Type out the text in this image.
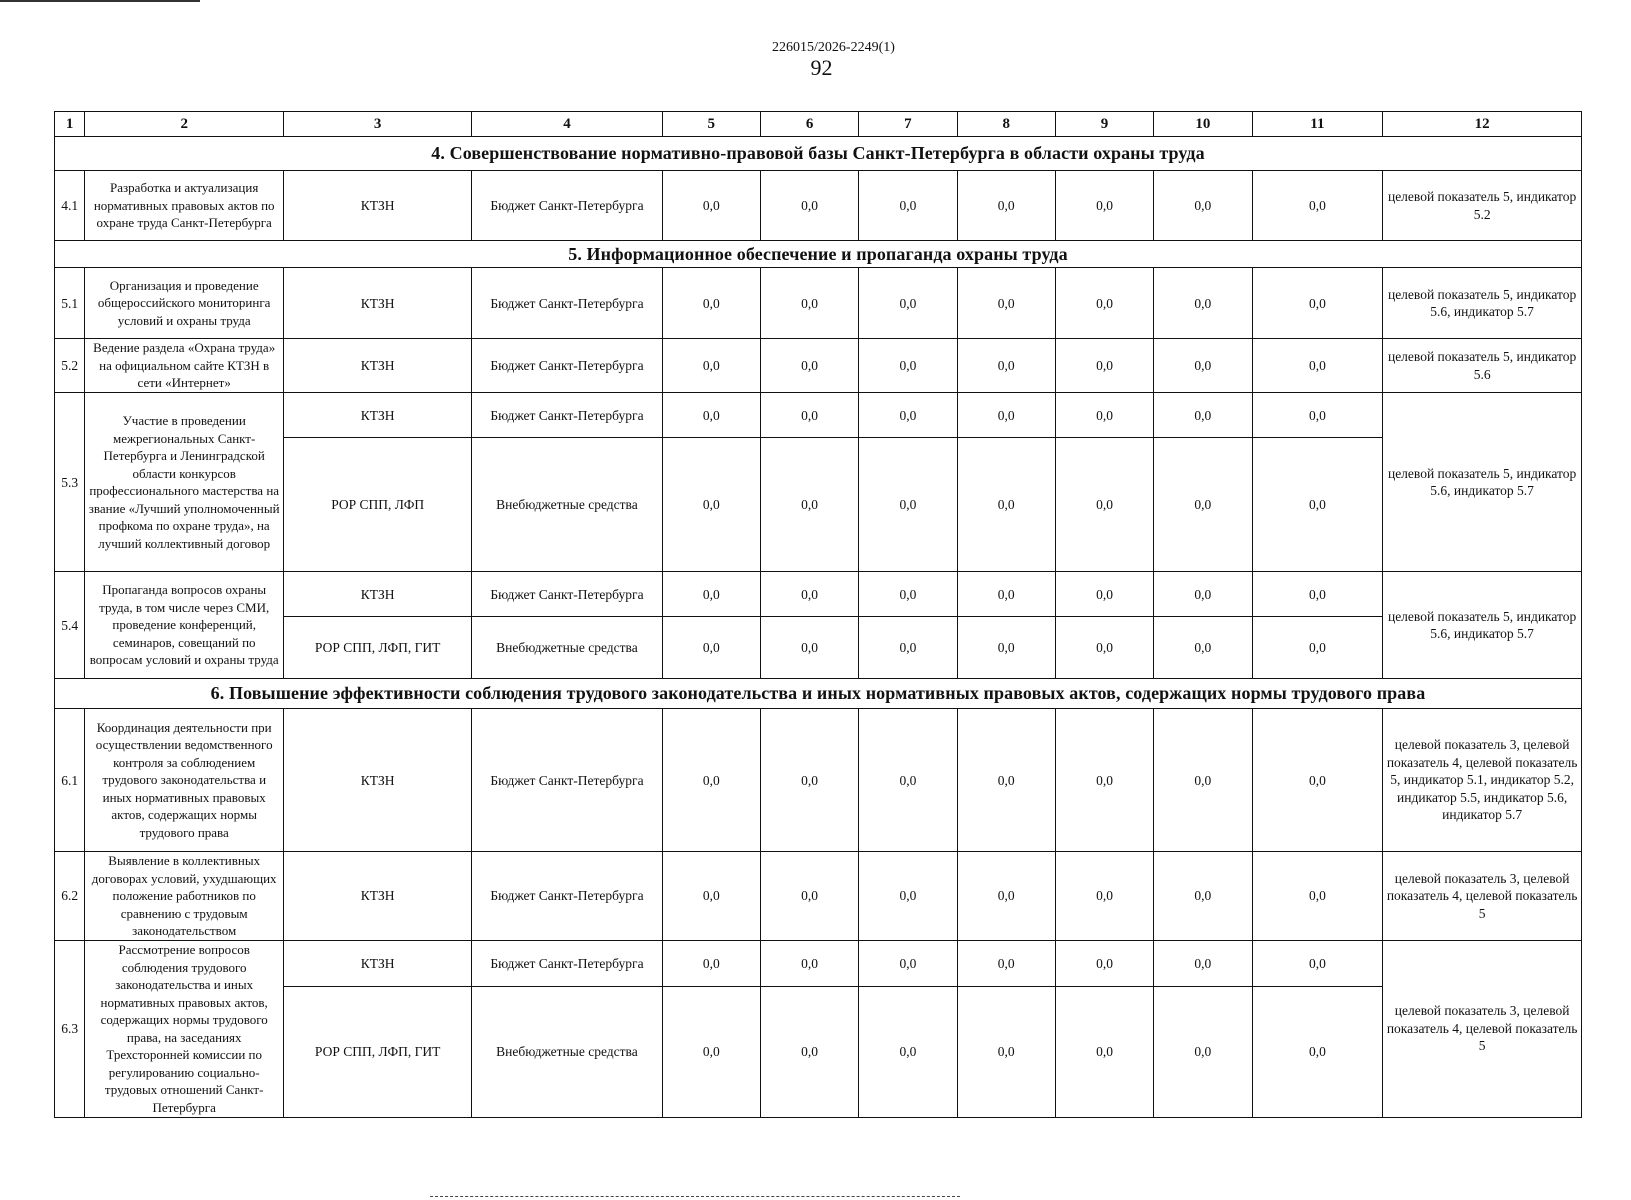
226015/2026-2249(1)
92
1	2	3	4	5	6	7	8	9	10	11	12
4. Совершенствование нормативно-правовой базы Санкт-Петербурга в области охраны труда											
4.1	Разработка и актуализация нормативных правовых актов по охране труда Санкт-Петербурга	КТЗН	Бюджет Санкт-Петербурга	0,0	0,0	0,0	0,0	0,0	0,0	0,0	целевой показатель 5, индикатор 5.2
5. Информационное обеспечение и пропаганда охраны труда											
5.1	Организация и проведение общероссийского мониторинга условий и охраны труда	КТЗН	Бюджет Санкт-Петербурга	0,0	0,0	0,0	0,0	0,0	0,0	0,0	целевой показатель 5, индикатор 5.6, индикатор 5.7
5.2	Ведение раздела «Охрана труда» на официальном сайте КТЗН в сети «Интернет»	КТЗН	Бюджет Санкт-Петербурга	0,0	0,0	0,0	0,0	0,0	0,0	0,0	целевой показатель 5, индикатор 5.6
5.3	Участие в проведении межрегиональных Санкт-Петербурга и Ленинградской области конкурсов профессионального мастерства на звание «Лучший уполномоченный профкома по охране труда», на лучший коллективный договор	КТЗН	Бюджет Санкт-Петербурга	0,0	0,0	0,0	0,0	0,0	0,0	0,0	целевой показатель 5, индикатор 5.6, индикатор 5.7
		РОР СПП, ЛФП	Внебюджетные средства	0,0	0,0	0,0	0,0	0,0	0,0	0,0	
5.4	Пропаганда вопросов охраны труда, в том числе через СМИ, проведение конференций, семинаров, совещаний по вопросам условий и охраны труда	КТЗН	Бюджет Санкт-Петербурга	0,0	0,0	0,0	0,0	0,0	0,0	0,0	целевой показатель 5, индикатор 5.6, индикатор 5.7
		РОР СПП, ЛФП, ГИТ	Внебюджетные средства	0,0	0,0	0,0	0,0	0,0	0,0	0,0	
6. Повышение эффективности соблюдения трудового законодательства и иных нормативных правовых актов, содержащих нормы трудового права											
6.1	Координация деятельности при осуществлении ведомственного контроля за соблюдением трудового законодательства и иных нормативных правовых актов, содержащих нормы трудового права	КТЗН	Бюджет Санкт-Петербурга	0,0	0,0	0,0	0,0	0,0	0,0	0,0	целевой показатель 3, целевой показатель 4, целевой показатель 5, индикатор 5.1, индикатор 5.2, индикатор 5.5, индикатор 5.6, индикатор 5.7
6.2	Выявление в коллективных договорах условий, ухудшающих положение работников по сравнению с трудовым законодательством	КТЗН	Бюджет Санкт-Петербурга	0,0	0,0	0,0	0,0	0,0	0,0	0,0	целевой показатель 3, целевой показатель 4, целевой показатель 5
6.3	Рассмотрение вопросов соблюдения трудового законодательства и иных нормативных правовых актов, содержащих нормы трудового права, на заседаниях Трехсторонней комиссии по регулированию социально-трудовых отношений Санкт-Петербурга	КТЗН	Бюджет Санкт-Петербурга	0,0	0,0	0,0	0,0	0,0	0,0	0,0	целевой показатель 3, целевой показатель 4, целевой показатель 5
		РОР СПП, ЛФП, ГИТ	Внебюджетные средства	0,0	0,0	0,0	0,0	0,0	0,0	0,0	
